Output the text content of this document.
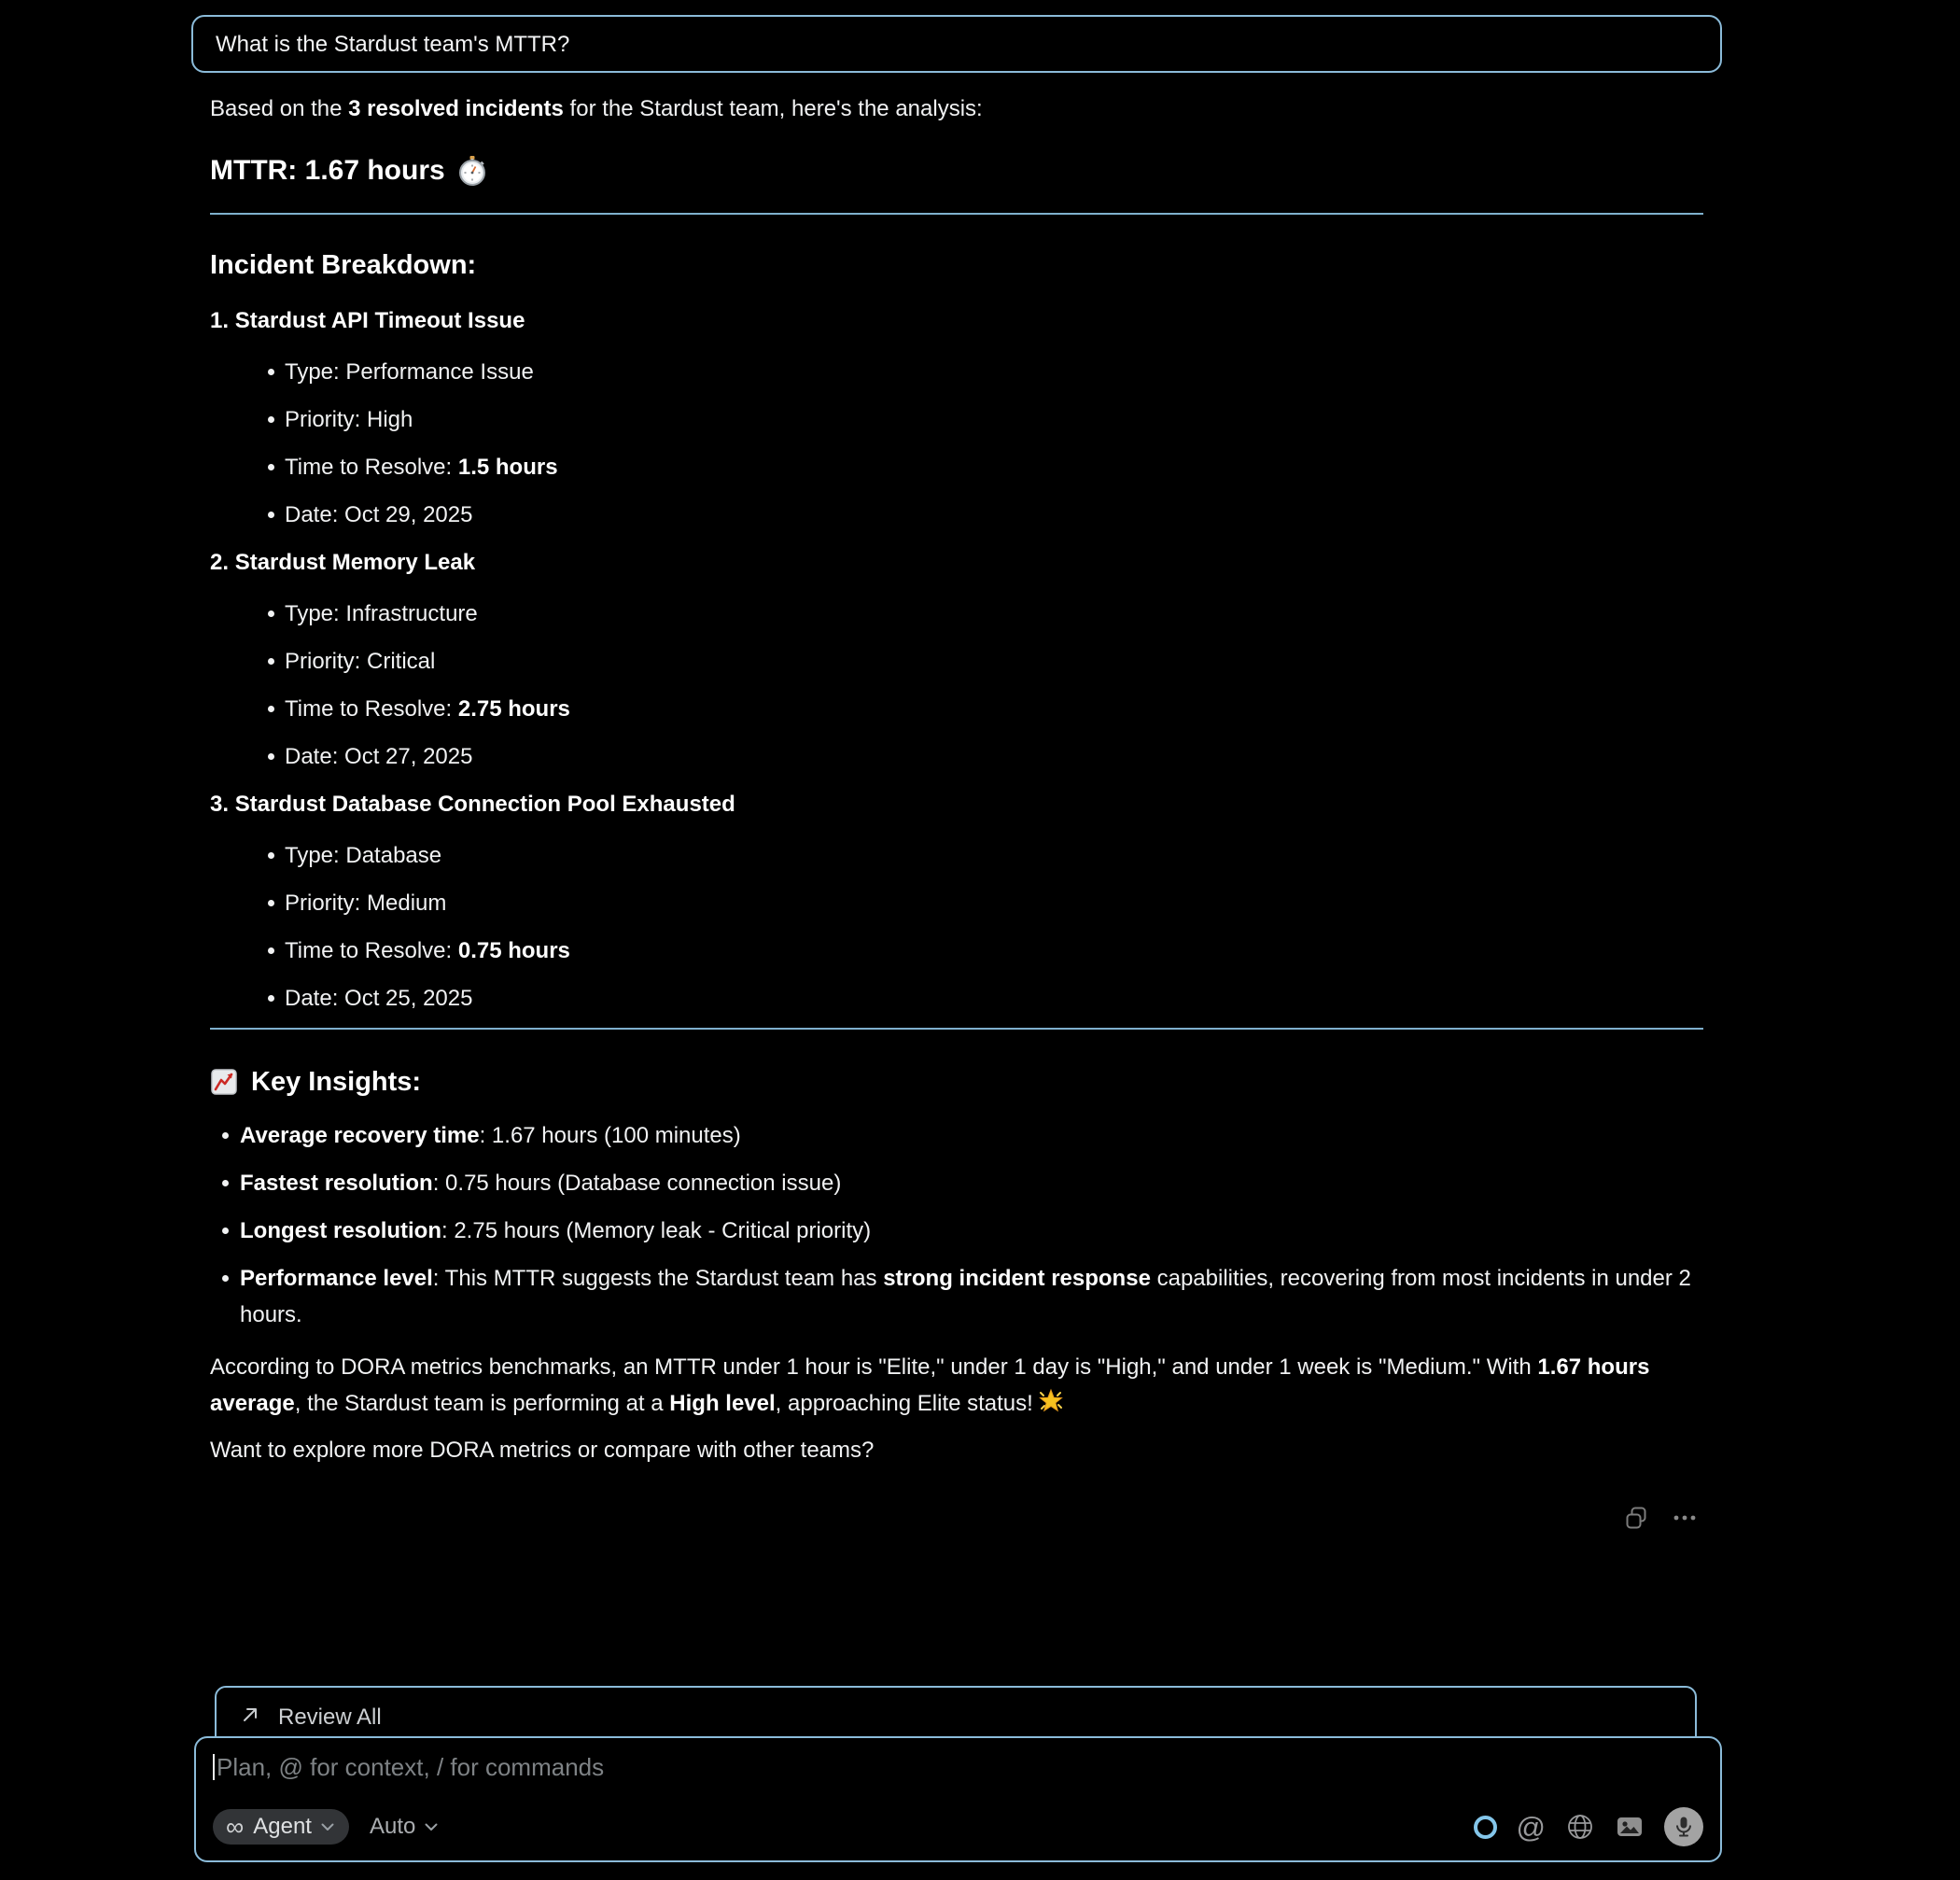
What is the Stardust team's MTTR?

Based on the 3 resolved incidents for the Stardust team, here's the analysis:

MTTR: 1.67 hours
Incident Breakdown:
1. Stardust API Timeout Issue
Type: Performance Issue
Priority: High
Time to Resolve: 1.5 hours
Date: Oct 29, 2025
2. Stardust Memory Leak
Type: Infrastructure
Priority: Critical
Time to Resolve: 2.75 hours
Date: Oct 27, 2025
3. Stardust Database Connection Pool Exhausted
Type: Database
Priority: Medium
Time to Resolve: 0.75 hours
Date: Oct 25, 2025
Key Insights:
Average recovery time: 1.67 hours (100 minutes)
Fastest resolution: 0.75 hours (Database connection issue)
Longest resolution: 2.75 hours (Memory leak - Critical priority)
Performance level: This MTTR suggests the Stardust team has strong incident response capabilities, recovering from most incidents in under 2 hours.

According to DORA metrics benchmarks, an MTTR under 1 hour is "Elite," under 1 day is "High," and under 1 week is "Medium." With 1.67 hours average, the Stardust team is performing at a High level, approaching Elite status!

Want to explore more DORA metrics or compare with other teams?

Review All
Plan, @ for context, / for commands
∞ Agent	Auto	@
